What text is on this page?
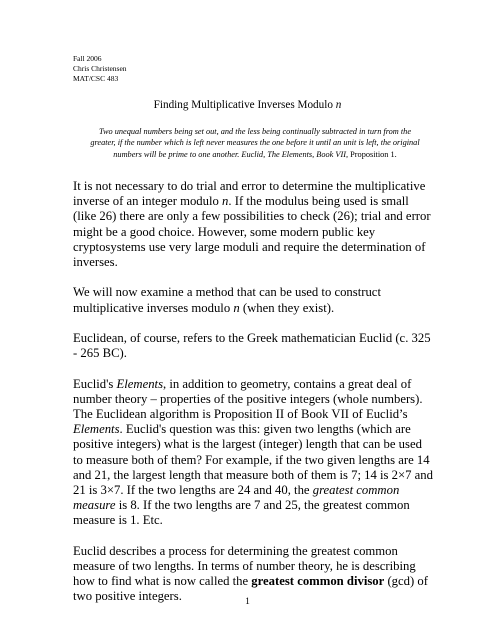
Fall 2006
Chris Christensen
MAT/CSC 483
Finding Multiplicative Inverses Modulo n
Two unequal numbers being set out, and the less being continually subtracted in turn from the greater, if the number which is left never measures the one before it until an unit is left, the original numbers will be prime to one another. Euclid, The Elements, Book VII, Proposition 1.

It is not necessary to do trial and error to determine the multiplicative inverse of an integer modulo n. If the modulus being used is small (like 26) there are only a few possibilities to check (26); trial and error might be a good choice. However, some modern public key cryptosystems use very large moduli and require the determination of inverses.

We will now examine a method that can be used to construct multiplicative inverses modulo n (when they exist).

Euclidean, of course, refers to the Greek mathematician Euclid (c. 325 - 265 BC).

Euclid's Elements, in addition to geometry, contains a great deal of number theory – properties of the positive integers (whole numbers). The Euclidean algorithm is Proposition II of Book VII of Euclid’s Elements. Euclid's question was this: given two lengths (which are positive integers) what is the largest (integer) length that can be used to measure both of them? For example, if the two given lengths are 14 and 21, the largest length that measure both of them is 7; 14 is 2×7 and 21 is 3×7. If the two lengths are 24 and 40, the greatest common measure is 8. If the two lengths are 7 and 25, the greatest common measure is 1. Etc.

Euclid describes a process for determining the greatest common measure of two lengths. In terms of number theory, he is describing how to find what is now called the greatest common divisor (gcd) of two positive integers.	1
